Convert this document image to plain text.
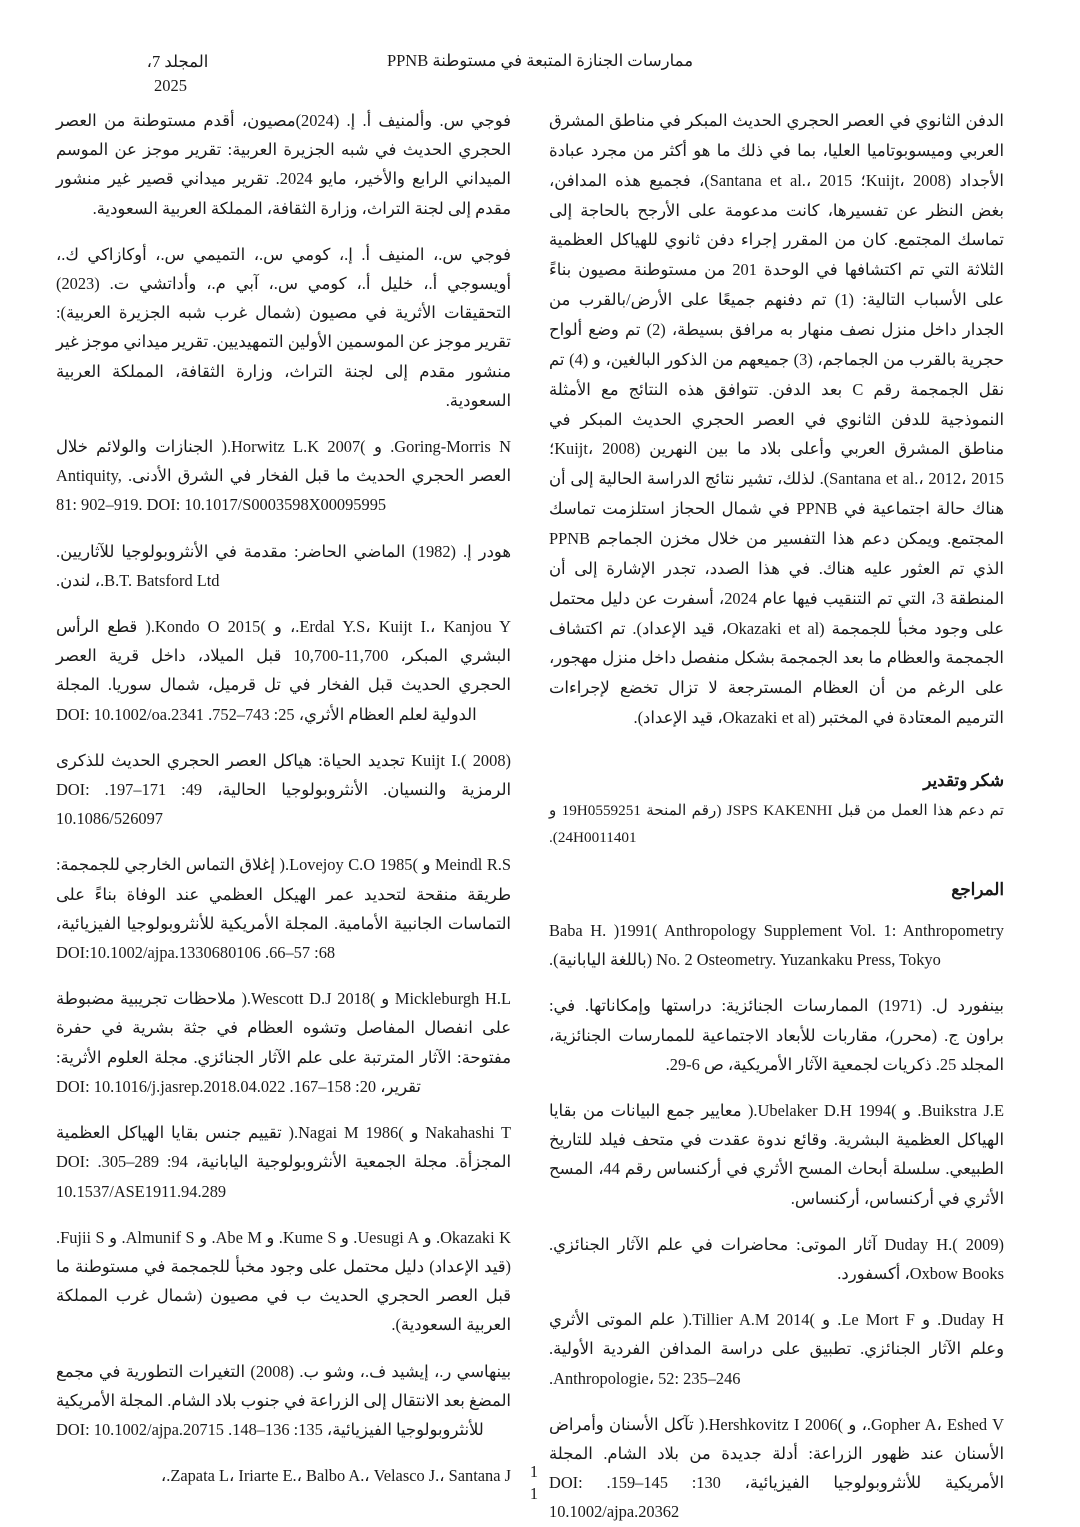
ممارسات الجنازة المتبعة في مستوطنة PPNB
المجلد 7،
2025

الدفن الثانوي في العصر الحجري الحديث المبكر في مناطق المشرق العربي وميسوبوتاميا العليا، بما في ذلك ما هو أكثر من مجرد عبادة الأجداد (Kuijt، 2008؛ Santana et al.، 2015)، فجميع هذه المدافن، بغض النظر عن تفسيرها، كانت مدعومة على الأرجح بالحاجة إلى تماسك المجتمع. كان من المقرر إجراء دفن ثانوي للهياكل العظمية الثلاثة التي تم اكتشافها في الوحدة 201 من مستوطنة مصيون بناءً على الأسباب التالية: (1) تم دفنهم جميعًا على الأرض/بالقرب من الجدار داخل منزل نصف منهار به مرافق بسيطة، (2) تم وضع ألواح حجرية بالقرب من الجماجم، (3) جميعهم من الذكور البالغين، و (4) تم نقل الجمجمة رقم C بعد الدفن. تتوافق هذه النتائج مع الأمثلة النموذجية للدفن الثانوي في العصر الحجري الحديث المبكر في مناطق المشرق العربي وأعلى بلاد ما بين النهرين (Kuijt، 2008؛ Santana et al.، 2012، 2015). لذلك، تشير نتائج الدراسة الحالية إلى أن هناك حالة اجتماعية في PPNB في شمال الحجاز استلزمت تماسك المجتمع. ويمكن دعم هذا التفسير من خلال مخزن الجماجم PPNB الذي تم العثور عليه هناك. في هذا الصدد، تجدر الإشارة إلى أن المنطقة 3، التي تم التنقيب فيها عام 2024، أسفرت عن دليل محتمل على وجود مخبأ للجمجمة (Okazaki et al، قيد الإعداد). تم اكتشاف الجمجمة والعظام ما بعد الجمجمة بشكل منفصل داخل منزل مهجور، على الرغم من أن العظام المسترجعة لا تزال تخضع لإجراءات الترميم المعتادة في المختبر (Okazaki et al، قيد الإعداد).

شكر وتقدير

تم دعم هذا العمل من قبل JSPS KAKENHI (رقم المنحة 19H0559251 و 24H0011401).

المراجع

Baba H. )1991( Anthropology Supplement Vol. 1: Anthropometry No. 2 Osteometry. Yuzankaku Press, Tokyo (باللغة اليابانية).

بينفورد ل. (1971) الممارسات الجنائزية: دراستها وإمكاناتها. في: براون ج. (محرر)، مقاربات للأبعاد الاجتماعية للممارسات الجنائزية، المجلد 25. ذكريات لجمعية الآثار الأمريكية، ص 6-29.

Buikstra J.E. و )1994 Ubelaker D.H.( معايير جمع البيانات من بقايا الهياكل العظمية البشرية. وقائع ندوة عقدت في متحف فيلد للتاريخ الطبيعي. سلسلة أبحاث المسح الأثري في أركنساس رقم 44، المسح الأثري في أركنساس، أركنساس.

Duday H.( 2009) آثار الموتى: محاضرات في علم الآثار الجنائزي. Oxbow Books، أكسفورد.

Duday H. و Le Mort F. و )2014 Tillier A.M.( علم الموتى الأثري وعلم الآثار الجنائزي. تطبيق على دراسة المدافن الفردية الأولية. Anthropologie، 52: 235–246.

Gopher A، Eshed V.، و )2006 Hershkovitz I.( تآكل الأسنان وأمراض الأسنان عند ظهور الزراعة: أدلة جديدة من بلاد الشام. المجلة الأمريكية للأنثروبولوجيا الفيزيائية، 130: 145–159. DOI: 10.1002/ajpa.20362

فوجي س. وألمنيف أ. إ. (2024)مصيون، أقدم مستوطنة من العصر الحجري الحديث في شبه الجزيرة العربية: تقرير موجز عن الموسم الميداني الرابع والأخير، مايو 2024. تقرير ميداني قصير غير منشور مقدم إلى لجنة التراث، وزارة الثقافة، المملكة العربية السعودية.

فوجي س.، المنيف أ. إ.، كومي س.، التميمي س.، أوكازاكي ك.، أويسوجي أ.، خليل أ.، كومي س.، آبي م.، وأداتشي ت. (2023) التحقيقات الأثرية في مصيون (شمال غرب شبه الجزيرة العربية): تقرير موجز عن الموسمين الأولين التمهيديين. تقرير ميداني موجز غير منشور مقدم إلى لجنة التراث، وزارة الثقافة، المملكة العربية السعودية.

Goring-Morris N. و )2007 Horwitz L.K.( الجنازات والولائم خلال العصر الحجري الحديث ما قبل الفخار في الشرق الأدنى. Antiquity, 81: 902–919. DOI: 10.1017/S0003598X00095995

هودر إ. (1982) الماضي الحاضر: مقدمة في الأنثروبولوجيا للآثاريين. B.T. Batsford Ltd.، لندن.

Erdal Y.S، Kuijt I.، Kanjou Y.، و )2015 Kondo O.( قطع الرأس البشري المبكر، 11,700-10,700 قبل الميلاد، داخل قرية العصر الحجري الحديث قبل الفخار في تل قرميل، شمال سوريا. المجلة الدولية لعلم العظام الأثري، 25: 743–752. DOI: 10.1002/oa.2341

Kuijt I.( 2008) تجديد الحياة: هياكل العصر الحجري الحديث للذكرى الرمزية والنسيان. الأنثروبولوجيا الحالية، 49: 171–197. DOI: 10.1086/526097

Meindl R.S و )1985 Lovejoy C.O.( إغلاق التماس الخارجي للجمجمة: طريقة منقحة لتحديد عمر الهيكل العظمي عند الوفاة بناءً على التماسات الجانبية الأمامية. المجلة الأمريكية للأنثروبولوجيا الفيزيائية، 68: 57–66. DOI:10.1002/ajpa.1330680106

Mickleburgh H.L و )2018 Wescott D.J.( ملاحظات تجريبية مضبوطة على انفصال المفاصل وتشوه العظام في جثة بشرية في حفرة مفتوحة: الآثار المترتبة على علم الآثار الجنائزي. مجلة العلوم الأثرية: تقرير، 20: 158–167. DOI: 10.1016/j.jasrep.2018.04.022

Nakahashi T و )1986 Nagai M.( تقييم جنس بقايا الهياكل العظمية المجزأة. مجلة الجمعية الأنثروبولوجية اليابانية، 94: 289–305. DOI: 10.1537/ASE1911.94.289

Okazaki K. و Uesugi A. و Kume S. و Abe M. و Almunif S. و Fujii S. (قيد الإعداد) دليل محتمل على وجود مخبأ للجمجمة في مستوطنة ما قبل العصر الحجري الحديث ب في مصيون (شمال غرب المملكة العربية السعودية).

بينهاسي ر.، إيشيد ف.، وشو ب. (2008) التغيرات التطورية في مجمع المضغ بعد الانتقال إلى الزراعة في جنوب بلاد الشام. المجلة الأمريكية للأنثروبولوجيا الفيزيائية، 135: 136–148. DOI: 10.1002/ajpa.20715

Zapata L، Iriarte E.، Balbo A.، Velasco J.، Santana J.،	1
1
